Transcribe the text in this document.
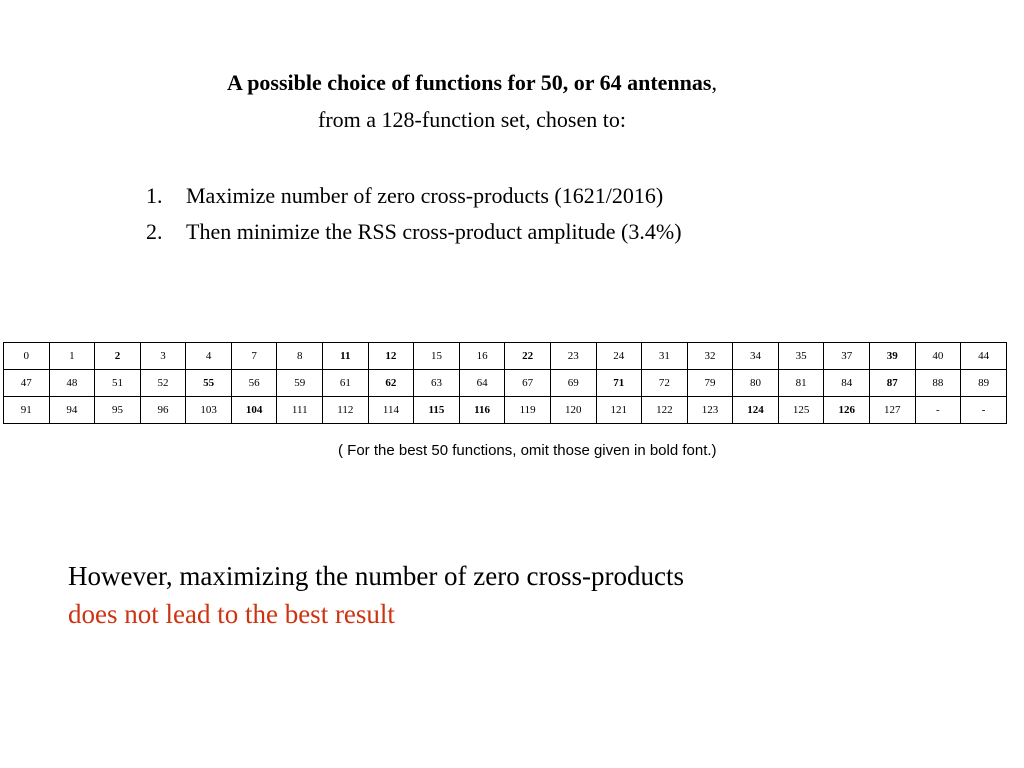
A possible choice of functions for 50, or 64 antennas,
from a 128-function set, chosen to:
1.	Maximize number of zero cross-products (1621/2016)
2.	Then minimize the RSS cross-product amplitude (3.4%)
0	1	2	3	4	7	8	11	12	15	16	22	23	24	31	32	34	35	37	39	40	44
47	48	51	52	55	56	59	61	62	63	64	67	69	71	72	79	80	81	84	87	88	89
91	94	95	96	103	104	111	112	114	115	116	119	120	121	122	123	124	125	126	127	-	-
( For the best 50 functions, omit those given in bold font.)
However, maximizing the number of zero cross-products
does not lead to the best result
